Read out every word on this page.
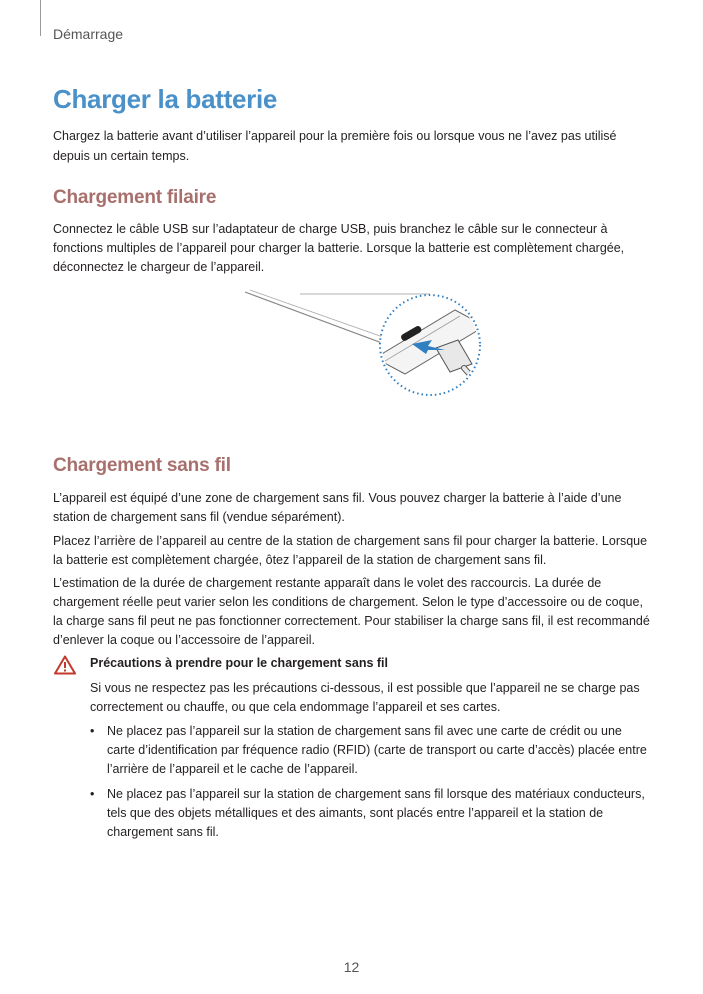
Démarrage
Charger la batterie

Chargez la batterie avant d’utiliser l’appareil pour la première fois ou lorsque vous ne l’avez pas utilisé depuis un certain temps.

Chargement filaire

Connectez le câble USB sur l’adaptateur de charge USB, puis branchez le câble sur le connecteur à fonctions multiples de l’appareil pour charger la batterie. Lorsque la batterie est complètement chargée, déconnectez le chargeur de l’appareil.

Chargement sans fil

L’appareil est équipé d’une zone de chargement sans fil. Vous pouvez charger la batterie à l’aide d’une station de chargement sans fil (vendue séparément).

Placez l’arrière de l’appareil au centre de la station de chargement sans fil pour charger la batterie. Lorsque la batterie est complètement chargée, ôtez l’appareil de la station de chargement sans fil.

L’estimation de la durée de chargement restante apparaît dans le volet des raccourcis. La durée de chargement réelle peut varier selon les conditions de chargement. Selon le type d’accessoire ou de coque, la charge sans fil peut ne pas fonctionner correctement. Pour stabiliser la charge sans fil, il est recommandé d’enlever la coque ou l’accessoire de l’appareil.

Précautions à prendre pour le chargement sans fil

Si vous ne respectez pas les précautions ci-dessous, il est possible que l’appareil ne se charge pas correctement ou chauffe, ou que cela endommage l’appareil et ses cartes.

• Ne placez pas l’appareil sur la station de chargement sans fil avec une carte de crédit ou une carte d’identification par fréquence radio (RFID) (carte de transport ou carte d’accès) placée entre l’arrière de l’appareil et le cache de l’appareil.
• Ne placez pas l’appareil sur la station de chargement sans fil lorsque des matériaux conducteurs, tels que des objets métalliques et des aimants, sont placés entre l’appareil et la station de chargement sans fil.
12
